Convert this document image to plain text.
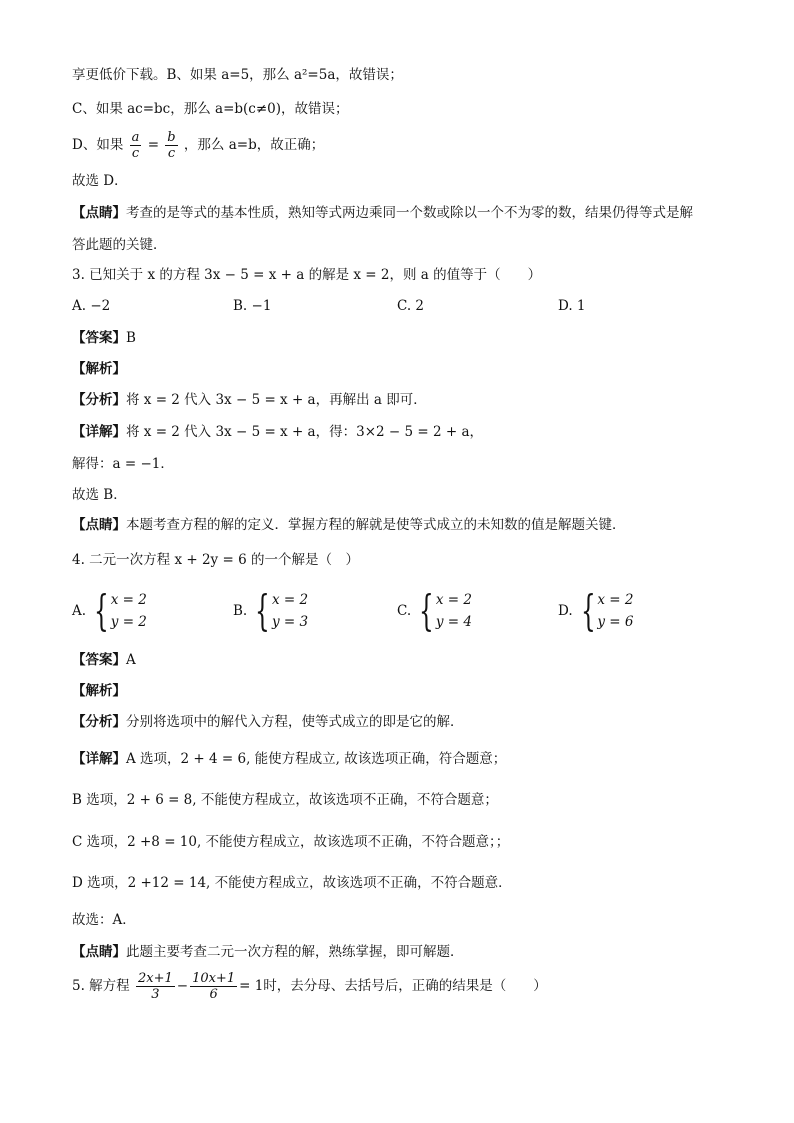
享更低价下载。B、如果 a=5，那么 a²=5a，故错误；
C、如果 ac=bc，那么 a=b(c≠0)，故错误；
D、如果 $\frac{a}{c} = \frac{b}{c}$ ，那么 a=b，故正确；
故选 D．
【点睛】考查的是等式的基本性质，熟知等式两边乘同一个数或除以一个不为零的数，结果仍得等式是解
答此题的关键．
3. 已知关于 x 的方程 3x − 5 = x + a 的解是 x = 2，则 a 的值等于（　　）
A. −2	B. −1	C. 2	D. 1
【答案】B
【解析】
【分析】将 x = 2 代入 3x − 5 = x + a，再解出 a 即可．
【详解】将 x = 2 代入 3x − 5 = x + a，得：3×2 − 5 = 2 + a，
解得：a = −1．
故选 B．
【点睛】本题考查方程的解的定义．掌握方程的解就是使等式成立的未知数的值是解题关键．
4. 二元一次方程 x + 2y = 6 的一个解是（　）
A. { x = 2
y = 2
B. { x = 2
y = 3
C. { x = 2
y = 4
D. { x = 2
y = 6
【答案】A
【解析】
【分析】分别将选项中的解代入方程，使等式成立的即是它的解．
【详解】A 选项，2 + 4 = 6, 能使方程成立, 故该选项正确，符合题意；
B 选项，2 + 6 = 8, 不能使方程成立，故该选项不正确，不符合题意；
C 选项，2 +8 = 10, 不能使方程成立，故该选项不正确，不符合题意；；
D 选项，2 +12 = 14, 不能使方程成立，故该选项不正确，不符合题意．
故选：A．
【点睛】此题主要考查二元一次方程的解，熟练掌握，即可解题．
5. 解方程 $\frac{2x+1}{3} - \frac{10x+1}{6} = 1$时，去分母、去括号后，正确的结果是（　　）
